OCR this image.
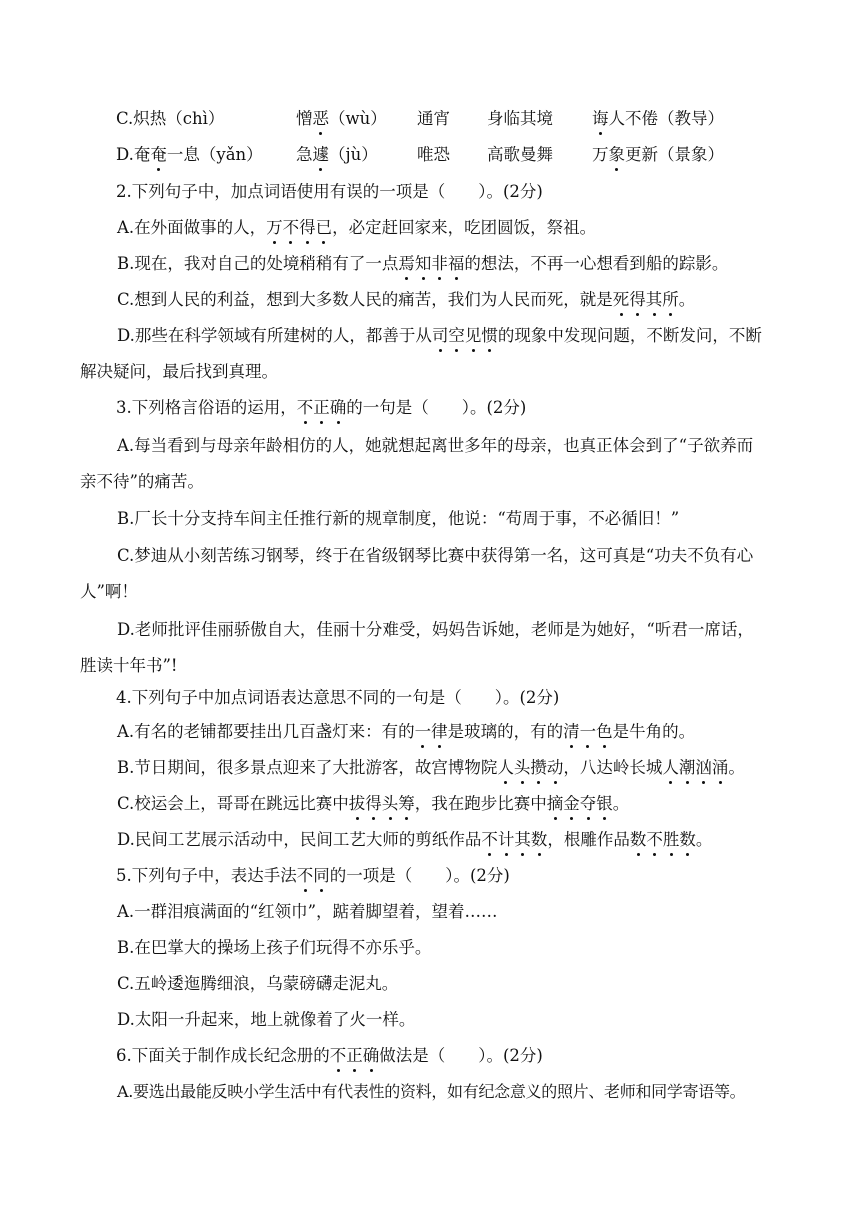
C.炽热（chì）	憎恶（wù） 通宵 身临其境 诲人不倦（教导）
D.奄奄一息（yǎn） 急遽（jù） 唯恐 高歌曼舞 万象更新（景象）
2.下列句子中，加点词语使用有误的一项是（　　）。(2分)
A.在外面做事的人，万不得已，必定赶回家来，吃团圆饭，祭祖。
B.现在，我对自己的处境稍稍有了一点焉知非福的想法，不再一心想看到船的踪影。
C.想到人民的利益，想到大多数人民的痛苦，我们为人民而死，就是死得其所。
D.那些在科学领域有所建树的人，都善于从司空见惯的现象中发现问题，不断发问，不断
解决疑问，最后找到真理。
3.下列格言俗语的运用，不正确的一句是（　　）。(2分)
A.每当看到与母亲年龄相仿的人，她就想起离世多年的母亲，也真正体会到了“子欲养而
亲不待”的痛苦。
B.厂长十分支持车间主任推行新的规章制度，他说：“苟周于事，不必循旧！”
C.梦迪从小刻苦练习钢琴，终于在省级钢琴比赛中获得第一名，这可真是“功夫不负有心
人”啊！
D.老师批评佳丽骄傲自大，佳丽十分难受，妈妈告诉她，老师是为她好，“听君一席话，
胜读十年书”!
4.下列句子中加点词语表达意思不同的一句是（　　）。(2分)
A.有名的老铺都要挂出几百盏灯来：有的一律是玻璃的，有的清一色是牛角的。
B.节日期间，很多景点迎来了大批游客，故宫博物院人头攒动，八达岭长城人潮汹涌。
C.校运会上，哥哥在跳远比赛中拔得头筹，我在跑步比赛中摘金夺银。
D.民间工艺展示活动中，民间工艺大师的剪纸作品不计其数，根雕作品数不胜数。
5.下列句子中，表达手法不同的一项是（　　）。(2分)
A.一群泪痕满面的“红领巾”，踮着脚望着，望着……
B.在巴掌大的操场上孩子们玩得不亦乐乎。
C.五岭逶迤腾细浪，乌蒙磅礴走泥丸。
D.太阳一升起来，地上就像着了火一样。
6.下面关于制作成长纪念册的不正确做法是（　　）。(2分)
A.要选出最能反映小学生活中有代表性的资料，如有纪念意义的照片、老师和同学寄语等。
